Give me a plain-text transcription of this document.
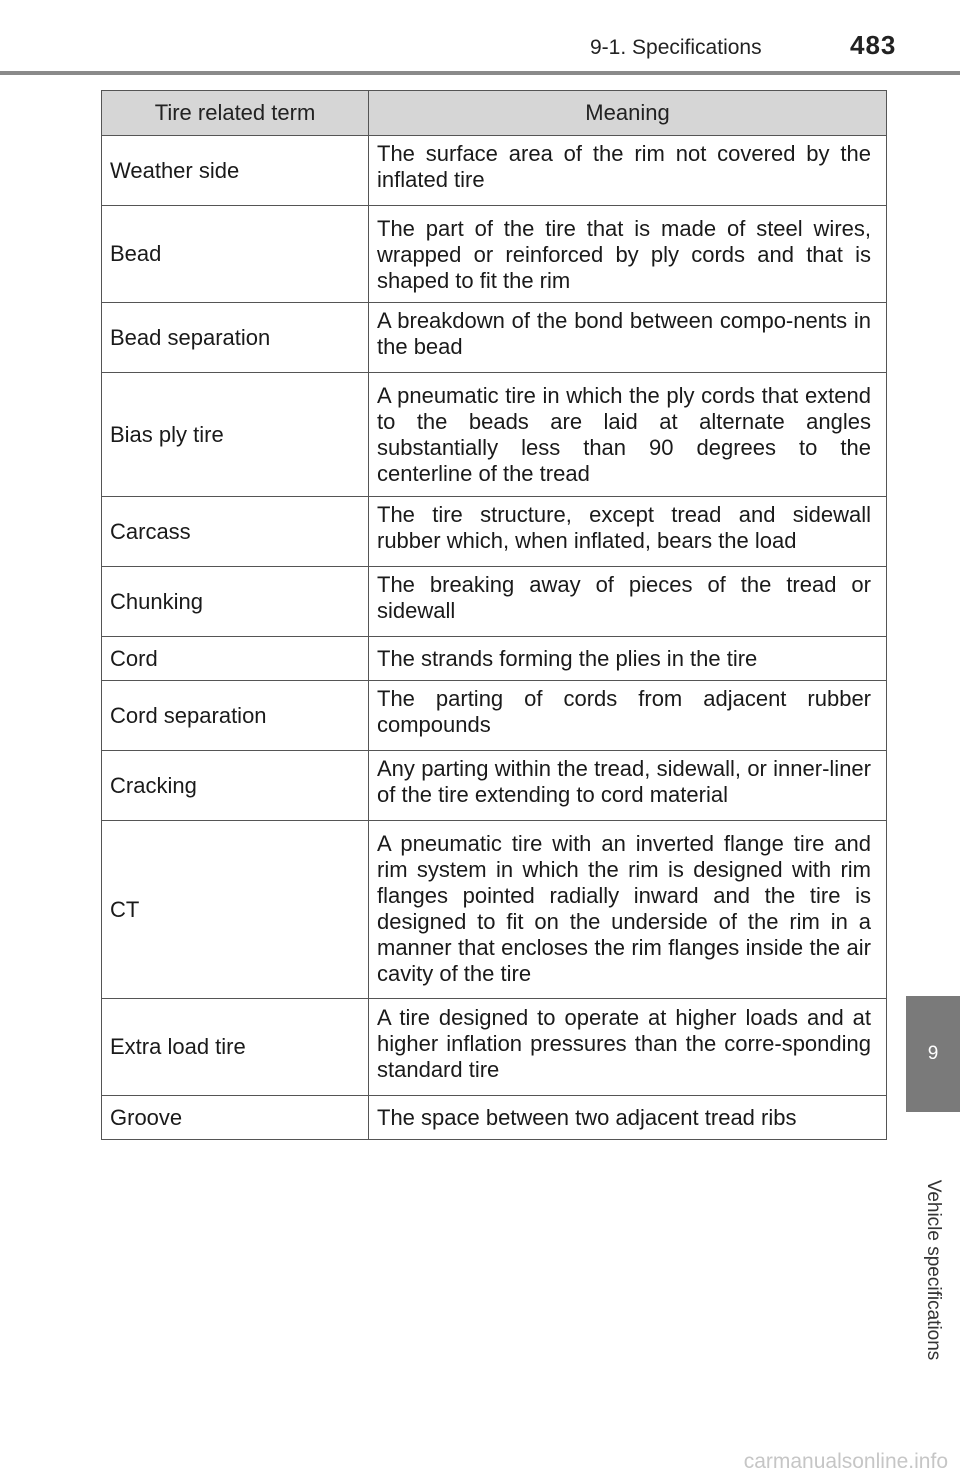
9-1. Specifications	483
9
Vehicle specifications
Tire related term	Meaning
Weather side	The surface area of the rim not covered by the inflated tire
Bead	The part of the tire that is made of steel wires, wrapped or reinforced by ply cords and that is shaped to fit the rim
Bead separation	A breakdown of the bond between compo-nents in the bead
Bias ply tire	A pneumatic tire in which the ply cords that extend to the beads are laid at alternate angles substantially less than 90 degrees to the centerline of the tread
Carcass	The tire structure, except tread and sidewall rubber which, when inflated, bears the load
Chunking	The breaking away of pieces of the tread or sidewall
Cord	The strands forming the plies in the tire
Cord separation	The parting of cords from adjacent rubber compounds
Cracking	Any parting within the tread, sidewall, or inner-liner of the tire extending to cord material
CT	A pneumatic tire with an inverted flange tire and rim system in which the rim is designed with rim flanges pointed radially inward and the tire is designed to fit on the underside of the rim in a manner that encloses the rim flanges inside the air cavity of the tire
Extra load tire	A tire designed to operate at higher loads and at higher inflation pressures than the corre-sponding standard tire
Groove	The space between two adjacent tread ribs
carmanualsonline.info
